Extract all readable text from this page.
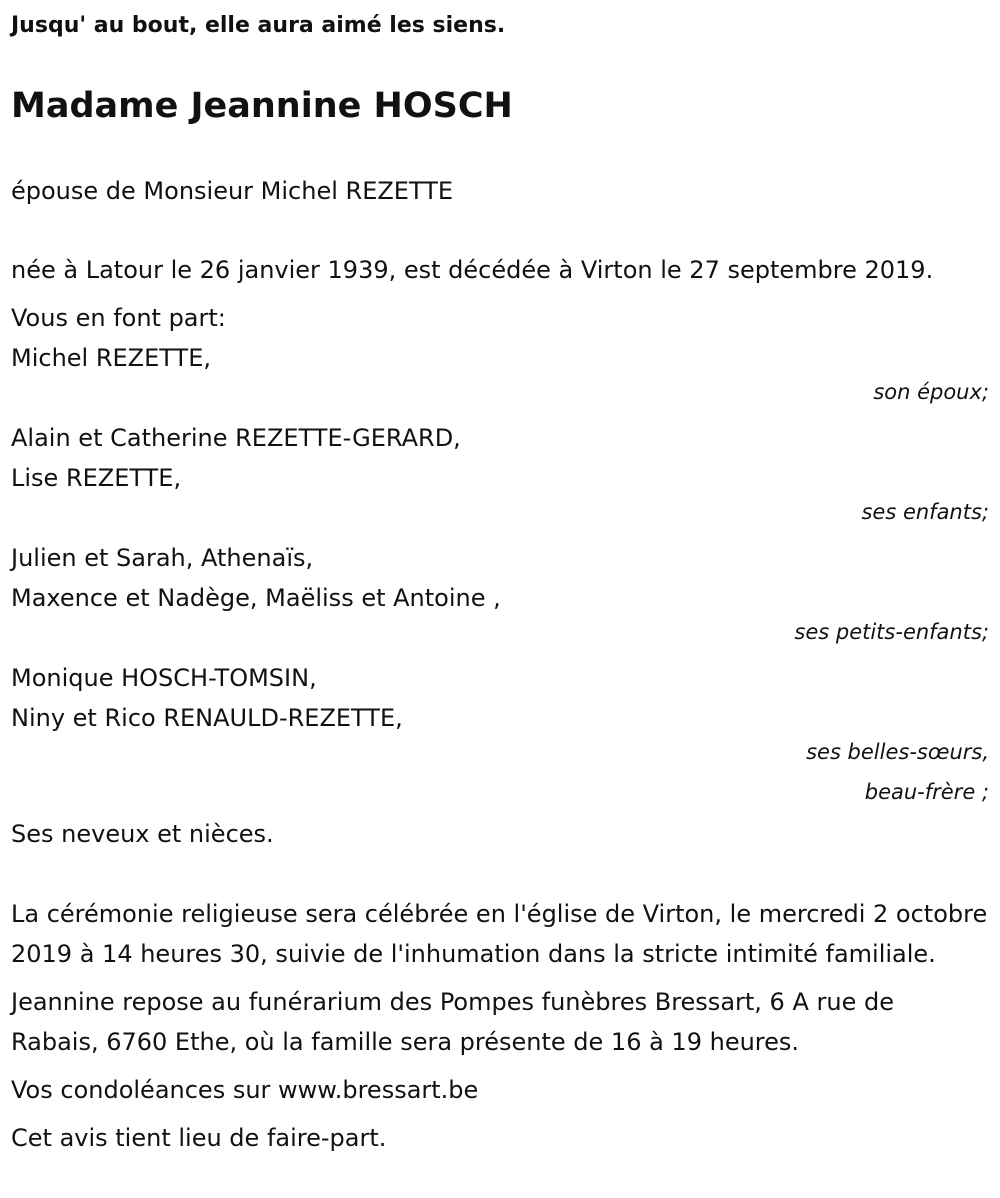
Jusqu' au bout, elle aura aimé les siens.

Madame Jeannine HOSCH

épouse de Monsieur Michel REZETTE

née à Latour le 26 janvier 1939, est décédée à Virton le 27 septembre 2019.

Vous en font part:

Michel REZETTE,
son époux;
Alain et Catherine REZETTE-GERARD,
Lise REZETTE,
ses enfants;
Julien et Sarah, Athenaïs,
Maxence et Nadège, Maëliss et Antoine ,
ses petits-enfants;
Monique HOSCH-TOMSIN,
Niny et Rico RENAULD-REZETTE,
ses belles-sœurs,
beau-frère ;

Ses neveux et nièces.

La cérémonie religieuse sera célébrée en l'église de Virton, le mercredi 2 octobre 2019 à 14 heures 30, suivie de l'inhumation dans la stricte intimité familiale.

Jeannine repose au funérarium des Pompes funèbres Bressart, 6 A rue de Rabais, 6760 Ethe, où la famille sera présente de 16 à 19 heures.

Vos condoléances sur www.bressart.be

Cet avis tient lieu de faire-part.
